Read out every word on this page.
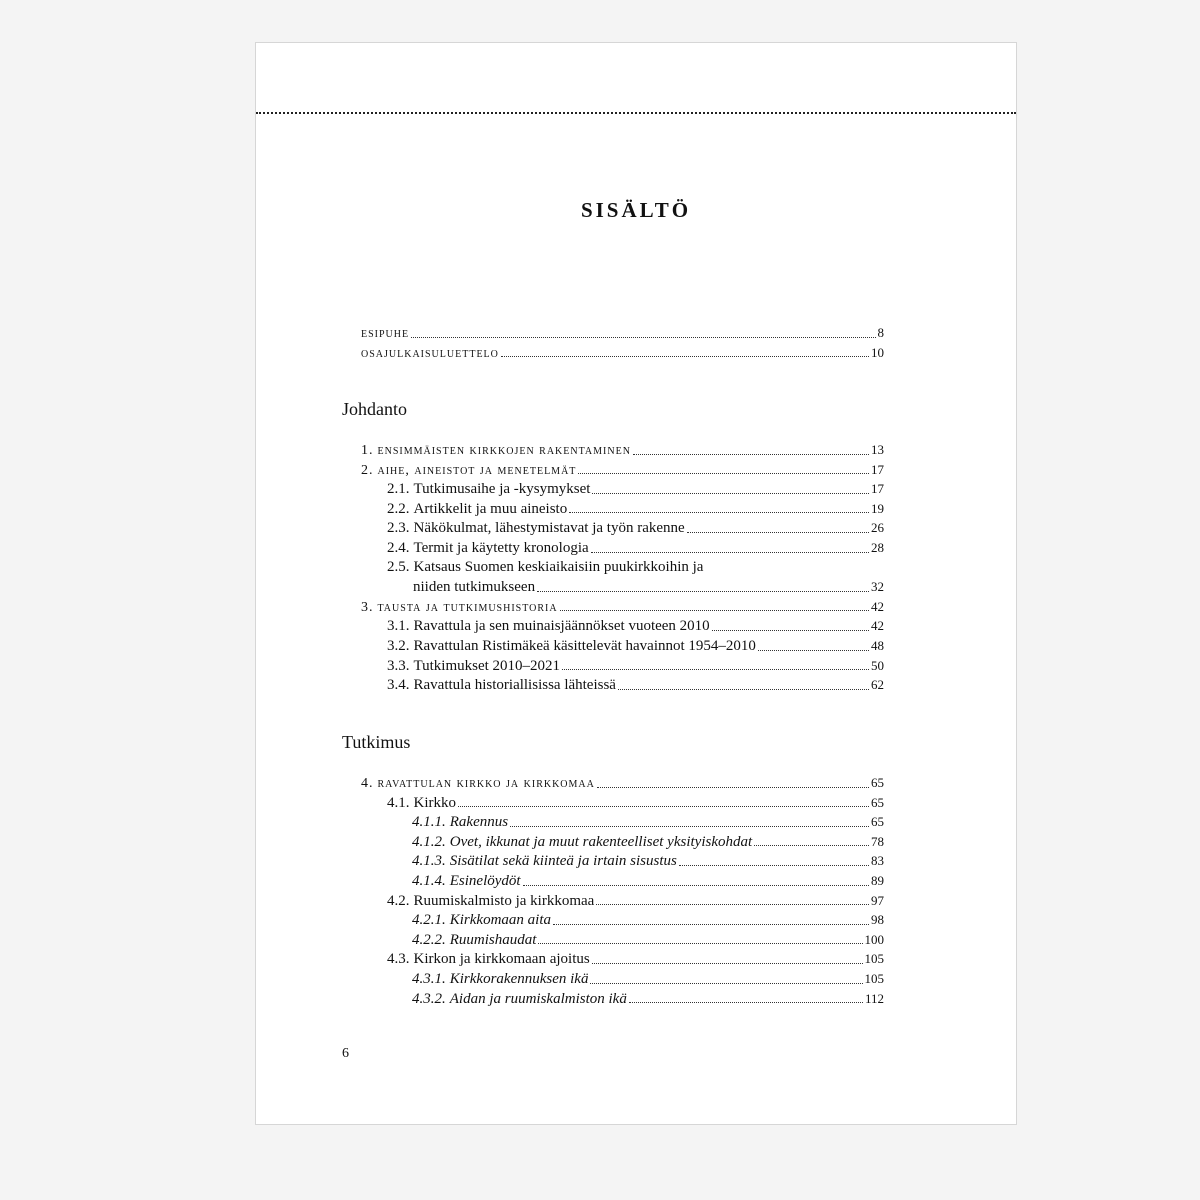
sisältö
esipuhe	8
osajulkaisuluettelo	10
Johdanto
1. ensimmäisten kirkkojen rakentaminen	13
2. aihe, aineistot ja menetelmät	17
2.1. Tutkimusaihe ja -kysymykset	17
2.2. Artikkelit ja muu aineisto	19
2.3. Näkökulmat, lähestymistavat ja työn rakenne	26
2.4. Termit ja käytetty kronologia	28
2.5. Katsaus Suomen keskiaikaisiin puukirkkoihin ja
niiden tutkimukseen	32
3. tausta ja tutkimushistoria	42
3.1. Ravattula ja sen muinaisjäännökset vuoteen 2010	42
3.2. Ravattulan Ristimäkeä käsittelevät havainnot 1954–2010	48
3.3. Tutkimukset 2010–2021	50
3.4. Ravattula historiallisissa lähteissä	62
Tutkimus
4. ravattulan kirkko ja kirkkomaa	65
4.1. Kirkko	65
4.1.1. Rakennus	65
4.1.2. Ovet, ikkunat ja muut rakenteelliset yksityiskohdat	78
4.1.3. Sisätilat sekä kiinteä ja irtain sisustus	83
4.1.4. Esinelöydöt	89
4.2. Ruumiskalmisto ja kirkkomaa	97
4.2.1. Kirkkomaan aita	98
4.2.2. Ruumishaudat	100
4.3. Kirkon ja kirkkomaan ajoitus	105
4.3.1. Kirkkorakennuksen ikä	105
4.3.2. Aidan ja ruumiskalmiston ikä	112
6
